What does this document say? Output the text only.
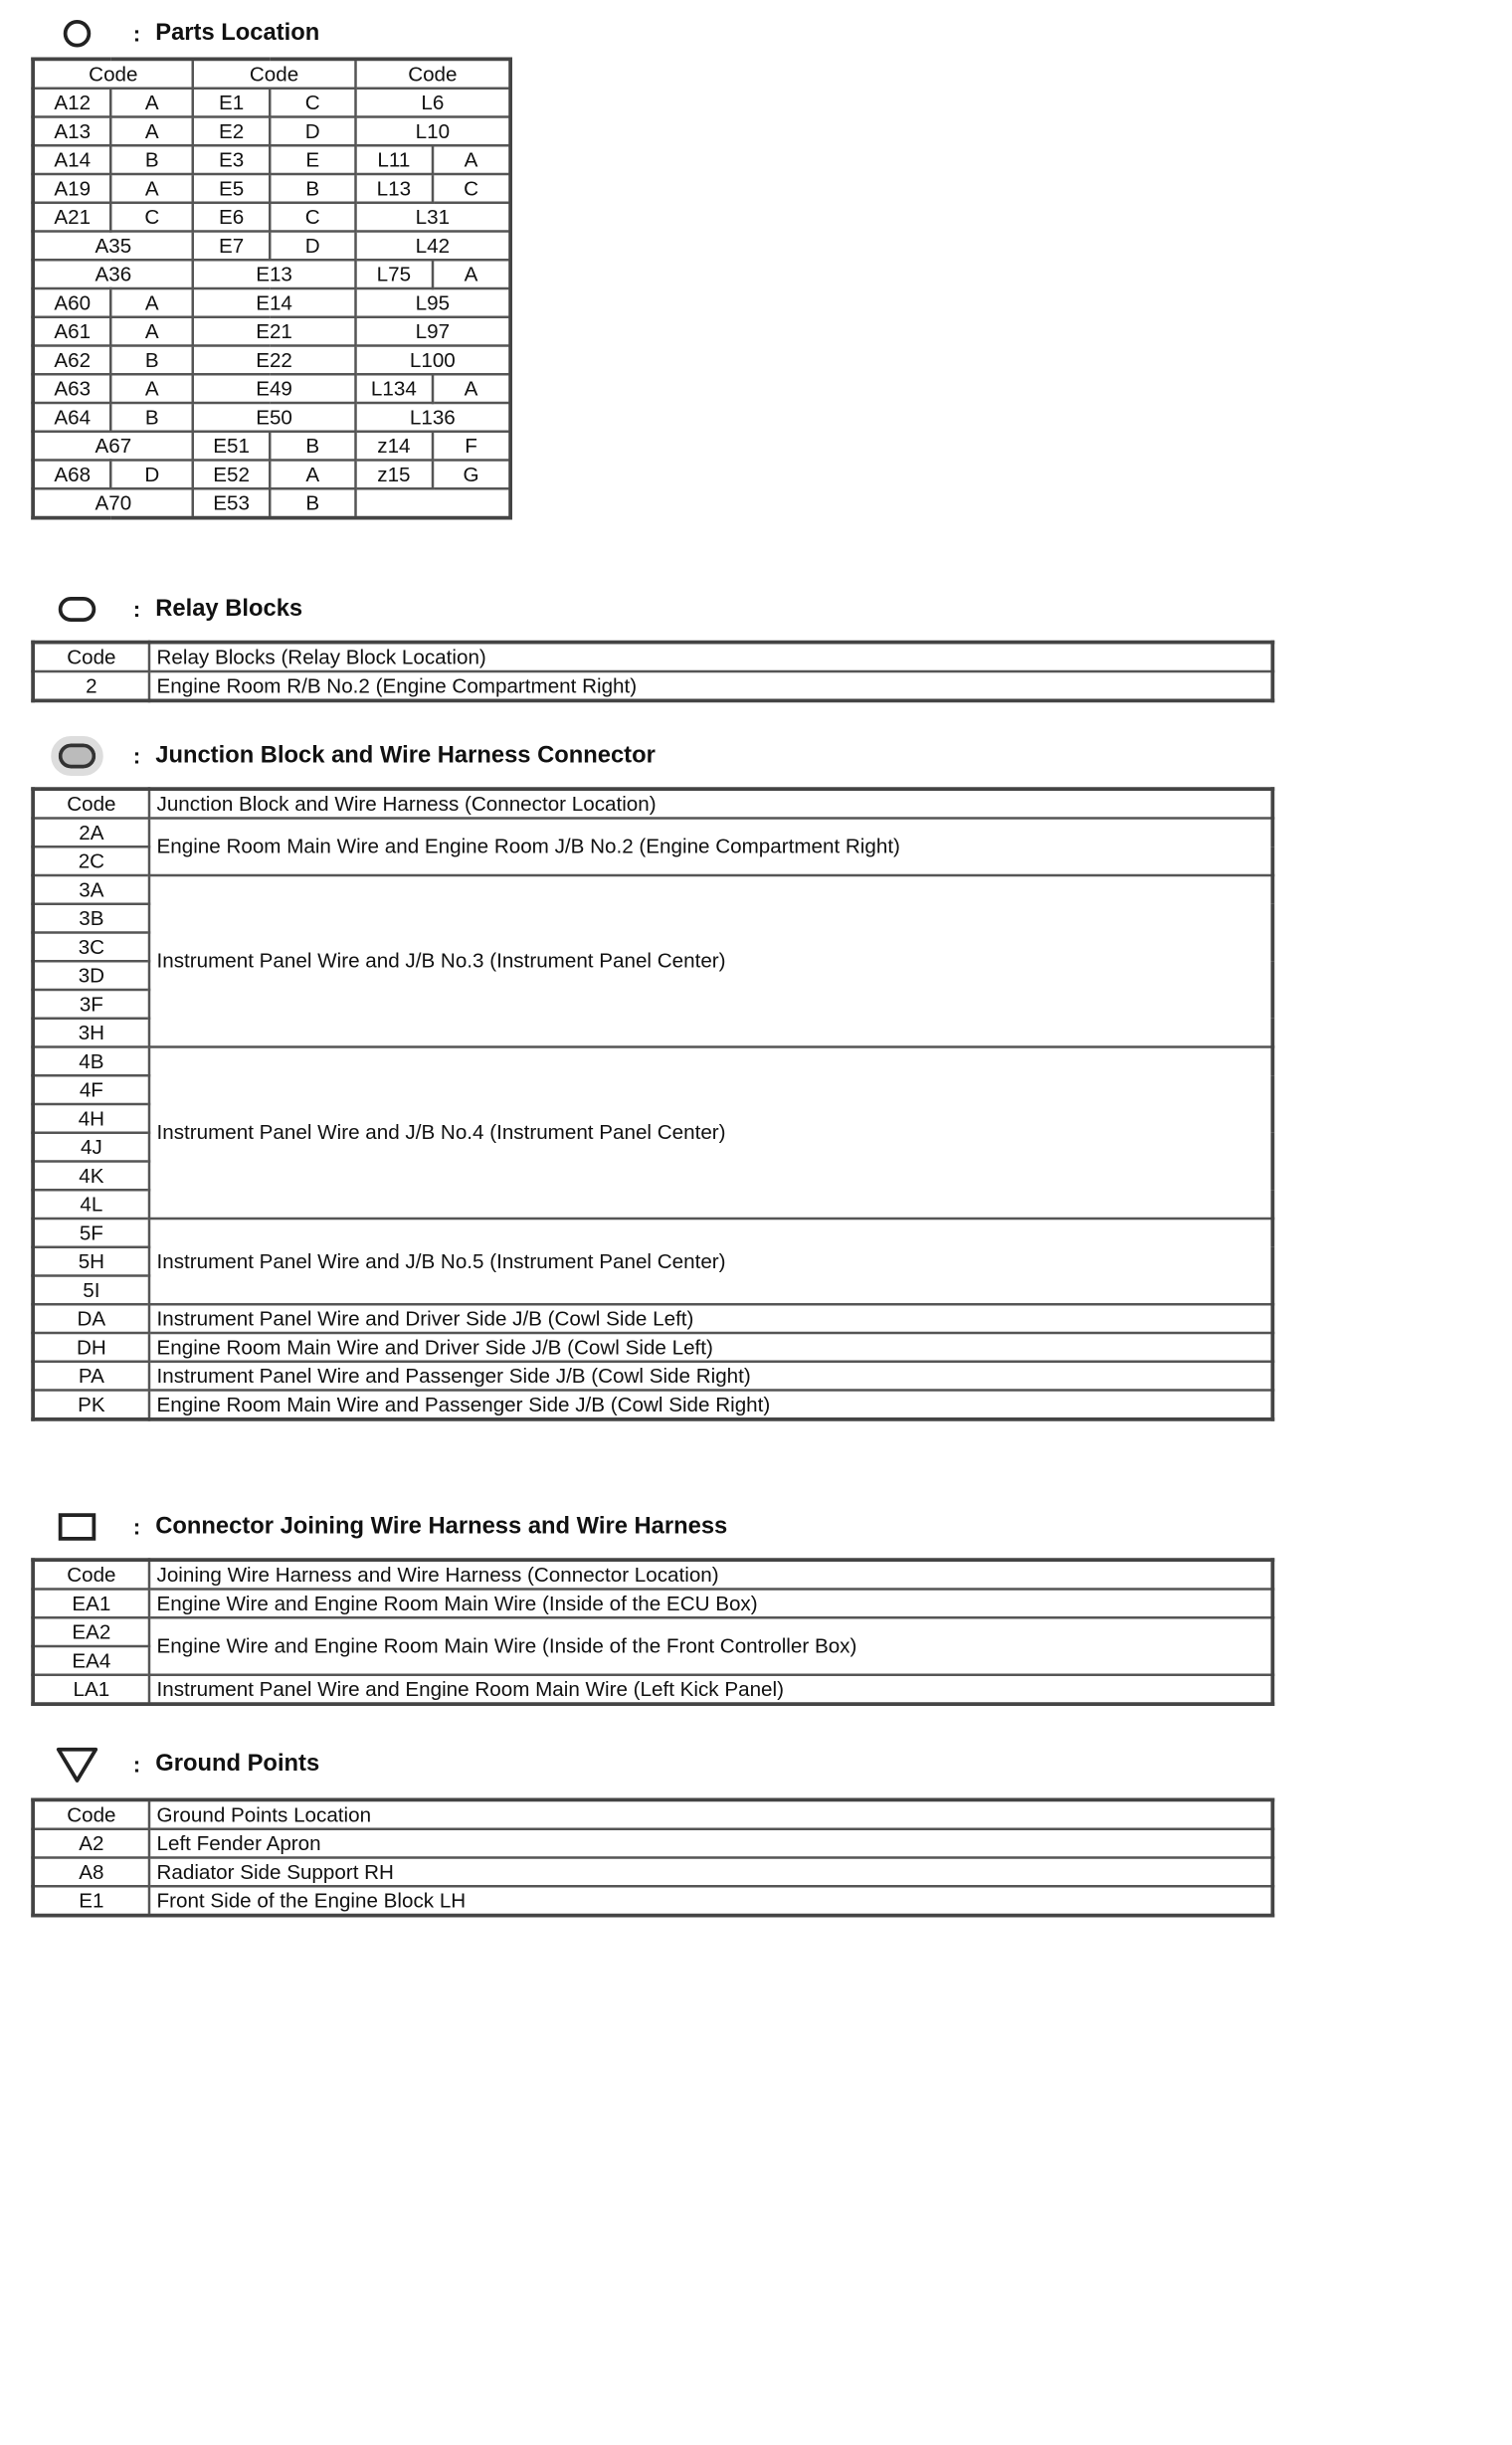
: Parts Location
Code		Code		Code	
A12	A	E1	C	L6	
A13	A	E2	D	L10	
A14	B	E3	E	L11	A
A19	A	E5	B	L13	C
A21	C	E6	C	L31	
A35		E7	D	L42	
A36		E13		L75	A
A60	A	E14		L95	
A61	A	E21		L97	
A62	B	E22		L100	
A63	A	E49		L134	A
A64	B	E50		L136	
A67		E51	B	z14	F
A68	D	E52	A	z15	G
A70		E53	B		
: Relay Blocks
Code	Relay Blocks (Relay Block Location)
2	Engine Room R/B No.2 (Engine Compartment Right)
: Junction Block and Wire Harness Connector
Code	Junction Block and Wire Harness (Connector Location)
2A	Engine Room Main Wire and Engine Room J/B No.2 (Engine Compartment Right)
2C	
3A	Instrument Panel Wire and J/B No.3 (Instrument Panel Center)
3B	
3C	
3D	
3F	
3H	
4B	Instrument Panel Wire and J/B No.4 (Instrument Panel Center)
4F	
4H	
4J	
4K	
4L	
5F	Instrument Panel Wire and J/B No.5 (Instrument Panel Center)
5H	
5I	
DA	Instrument Panel Wire and Driver Side J/B (Cowl Side Left)
DH	Engine Room Main Wire and Driver Side J/B (Cowl Side Left)
PA	Instrument Panel Wire and Passenger Side J/B (Cowl Side Right)
PK	Engine Room Main Wire and Passenger Side J/B (Cowl Side Right)
: Connector Joining Wire Harness and Wire Harness
Code	Joining Wire Harness and Wire Harness (Connector Location)
EA1	Engine Wire and Engine Room Main Wire (Inside of the ECU Box)
EA2	Engine Wire and Engine Room Main Wire (Inside of the Front Controller Box)
EA4	
LA1	Instrument Panel Wire and Engine Room Main Wire (Left Kick Panel)
: Ground Points
Code	Ground Points Location
A2	Left Fender Apron
A8	Radiator Side Support RH
E1	Front Side of the Engine Block LH
